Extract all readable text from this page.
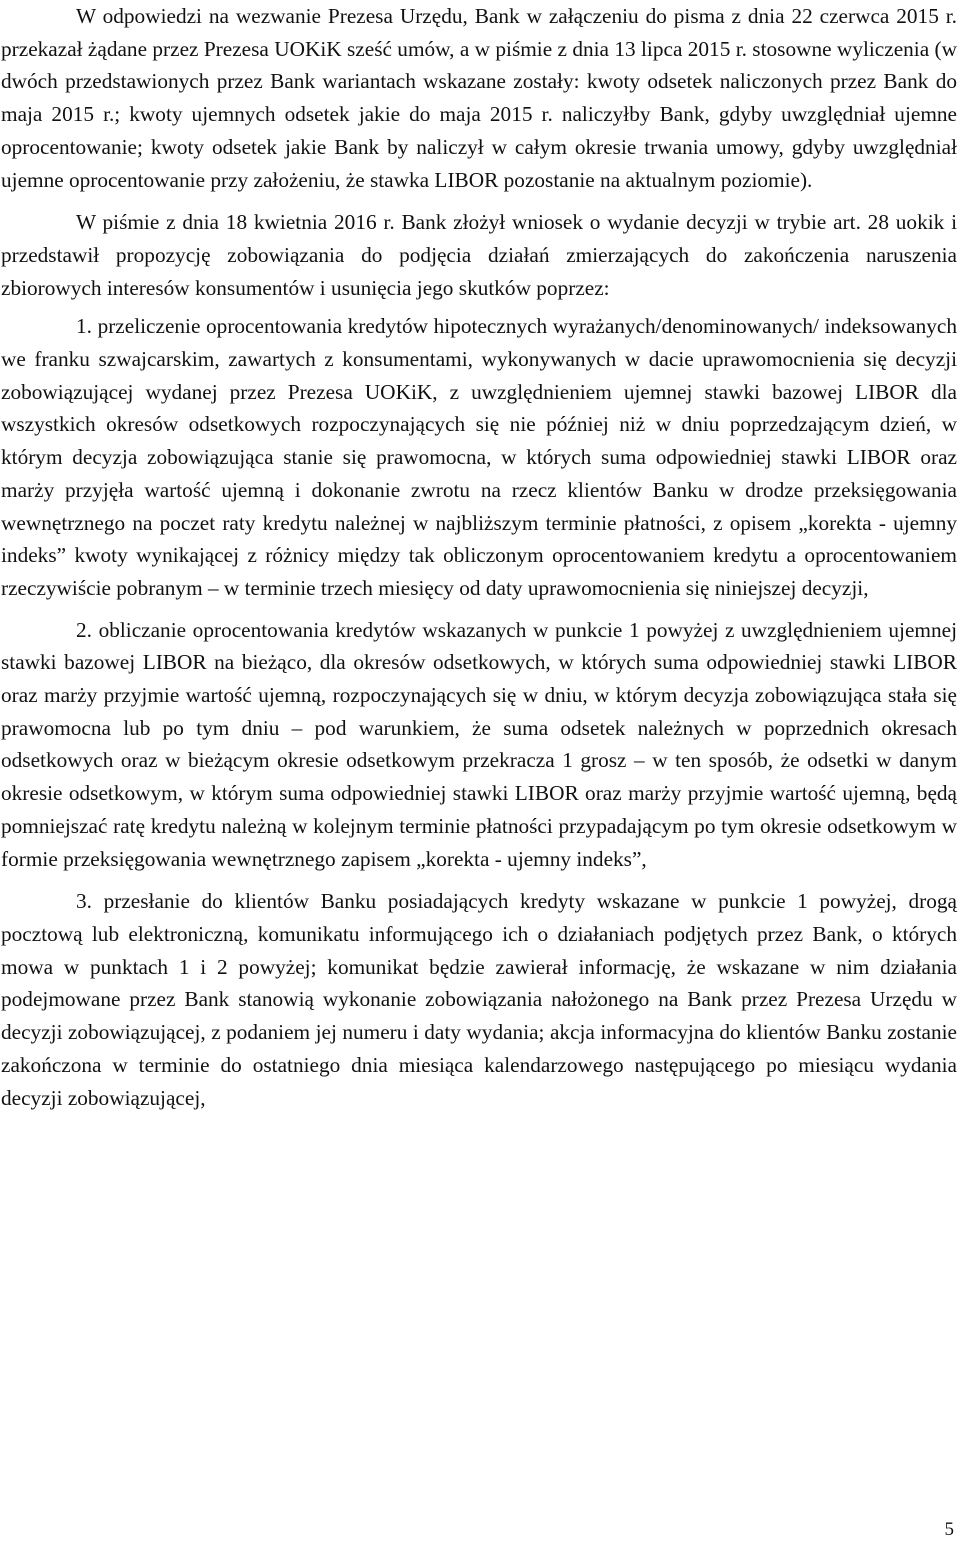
W odpowiedzi na wezwanie Prezesa Urzędu, Bank w załączeniu do pisma z dnia 22 czerwca 2015 r. przekazał żądane przez Prezesa UOKiK sześć umów, a w piśmie z dnia 13 lipca 2015 r. stosowne wyliczenia (w dwóch przedstawionych przez Bank wariantach wskazane zostały: kwoty odsetek naliczonych przez Bank do maja 2015 r.; kwoty ujemnych odsetek jakie do maja 2015 r. naliczyłby Bank, gdyby uwzględniał ujemne oprocentowanie; kwoty odsetek jakie Bank by naliczył w całym okresie trwania umowy, gdyby uwzględniał ujemne oprocentowanie przy założeniu, że stawka LIBOR pozostanie na aktualnym poziomie).

W piśmie z dnia 18 kwietnia 2016 r. Bank złożył wniosek o wydanie decyzji w trybie art. 28 uokik i przedstawił propozycję zobowiązania do podjęcia działań zmierzających do zakończenia naruszenia zbiorowych interesów konsumentów i usunięcia jego skutków poprzez:

1. przeliczenie oprocentowania kredytów hipotecznych wyrażanych/denominowanych/ indeksowanych we franku szwajcarskim, zawartych z konsumentami, wykonywanych w dacie uprawomocnienia się decyzji zobowiązującej wydanej przez Prezesa UOKiK, z uwzględnieniem ujemnej stawki bazowej LIBOR dla wszystkich okresów odsetkowych rozpoczynających się nie później niż w dniu poprzedzającym dzień, w którym decyzja zobowiązująca stanie się prawomocna, w których suma odpowiedniej stawki LIBOR oraz marży przyjęła wartość ujemną i dokonanie zwrotu na rzecz klientów Banku w drodze przeksięgowania wewnętrznego na poczet raty kredytu należnej w najbliższym terminie płatności, z opisem „korekta - ujemny indeks” kwoty wynikającej z różnicy między tak obliczonym oprocentowaniem kredytu a oprocentowaniem rzeczywiście pobranym – w terminie trzech miesięcy od daty uprawomocnienia się niniejszej decyzji,

2. obliczanie oprocentowania kredytów wskazanych w punkcie 1 powyżej z uwzględnieniem ujemnej stawki bazowej LIBOR na bieżąco, dla okresów odsetkowych, w których suma odpowiedniej stawki LIBOR oraz marży przyjmie wartość ujemną, rozpoczynających się w dniu, w którym decyzja zobowiązująca stała się prawomocna lub po tym dniu – pod warunkiem, że suma odsetek należnych w poprzednich okresach odsetkowych oraz w bieżącym okresie odsetkowym przekracza 1 grosz – w ten sposób, że odsetki w danym okresie odsetkowym, w którym suma odpowiedniej stawki LIBOR oraz marży przyjmie wartość ujemną, będą pomniejszać ratę kredytu należną w kolejnym terminie płatności przypadającym po tym okresie odsetkowym w formie przeksięgowania wewnętrznego zapisem „korekta - ujemny indeks”,

3. przesłanie do klientów Banku posiadających kredyty wskazane w punkcie 1 powyżej, drogą pocztową lub elektroniczną, komunikatu informującego ich o działaniach podjętych przez Bank, o których mowa w punktach 1 i 2 powyżej; komunikat będzie zawierał informację, że wskazane w nim działania podejmowane przez Bank stanowią wykonanie zobowiązania nałożonego na Bank przez Prezesa Urzędu w decyzji zobowiązującej, z podaniem jej numeru i daty wydania; akcja informacyjna do klientów Banku zostanie zakończona w terminie do ostatniego dnia miesiąca kalendarzowego następującego po miesiącu wydania decyzji zobowiązującej,

5
